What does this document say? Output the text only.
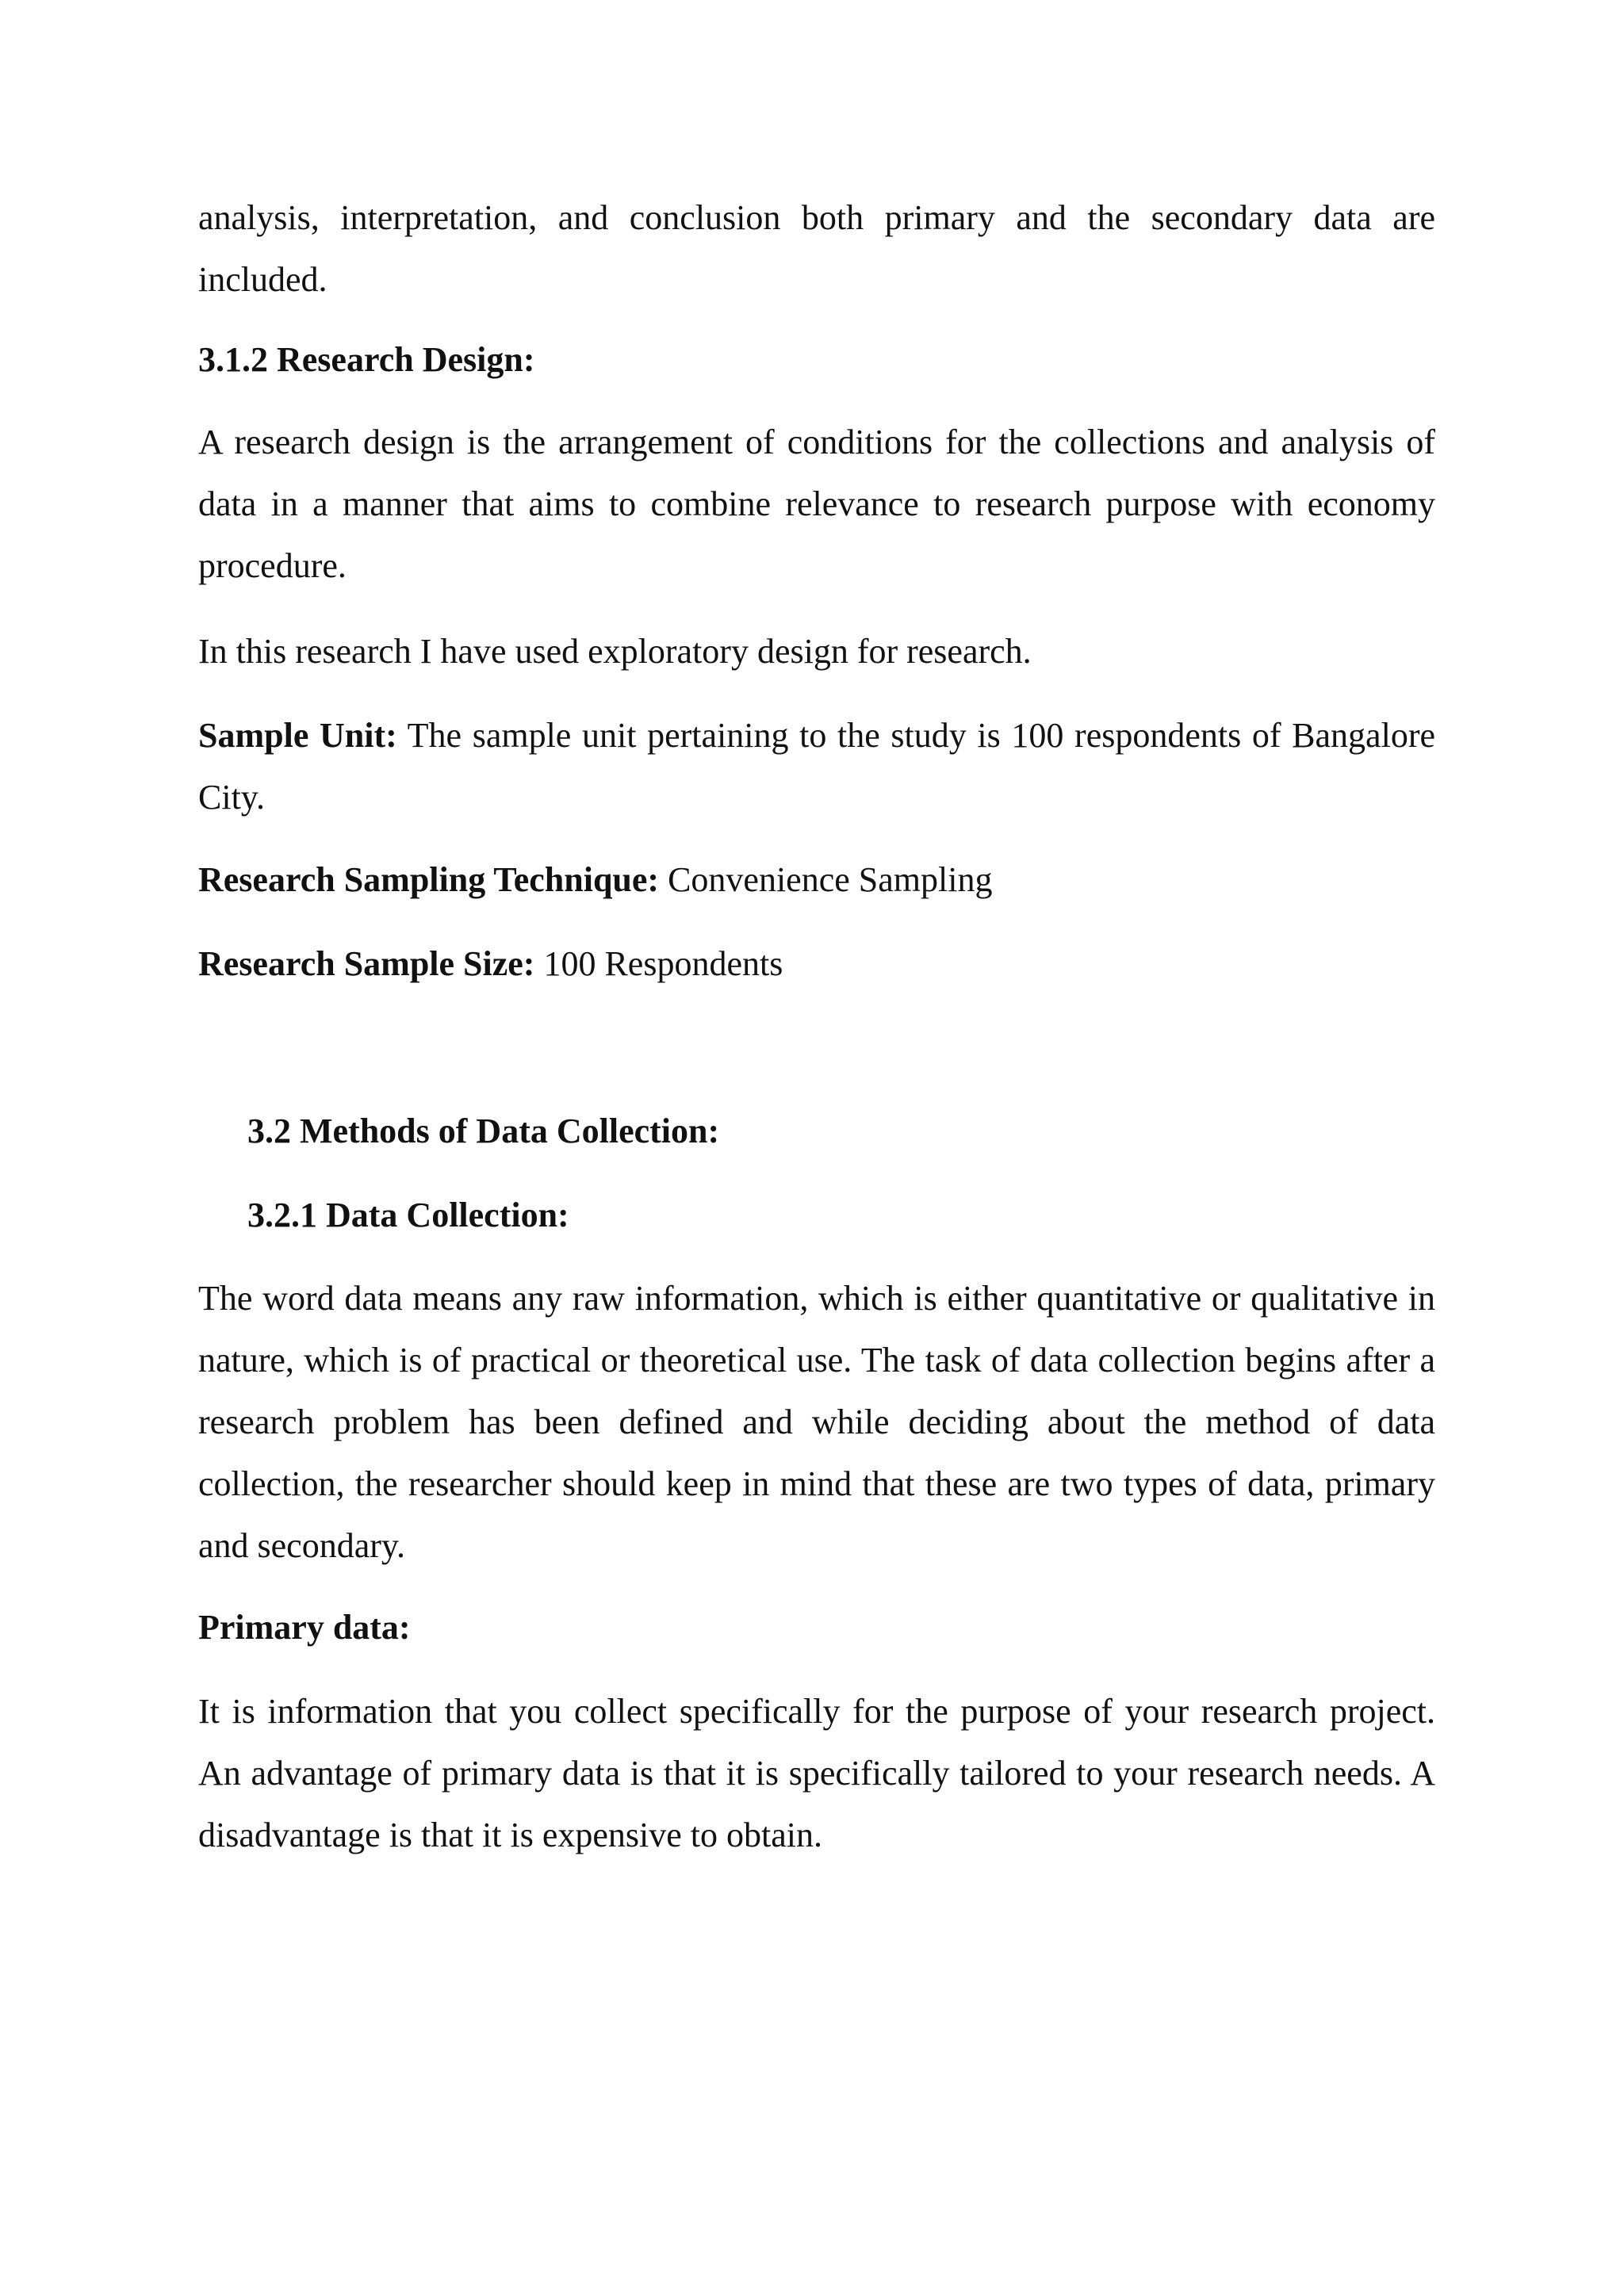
analysis, interpretation, and conclusion both primary and the secondary data are included.

3.1.2 Research Design:

A research design is the arrangement of conditions for the collections and analysis of data in a manner that aims to combine relevance to research purpose with economy procedure.

In this research I have used exploratory design for research.

Sample Unit: The sample unit pertaining to the study is 100 respondents of Bangalore City.

Research Sampling Technique: Convenience Sampling

Research Sample Size: 100 Respondents

3.2 Methods of Data Collection:

3.2.1 Data Collection:

The word data means any raw information, which is either quantitative or qualitative in nature, which is of practical or theoretical use. The task of data collection begins after a research problem has been defined and while deciding about the method of data collection, the researcher should keep in mind that these are two types of data, primary and secondary.

Primary data:

It is information that you collect specifically for the purpose of your research project. An advantage of primary data is that it is specifically tailored to your research needs. A disadvantage is that it is expensive to obtain.
